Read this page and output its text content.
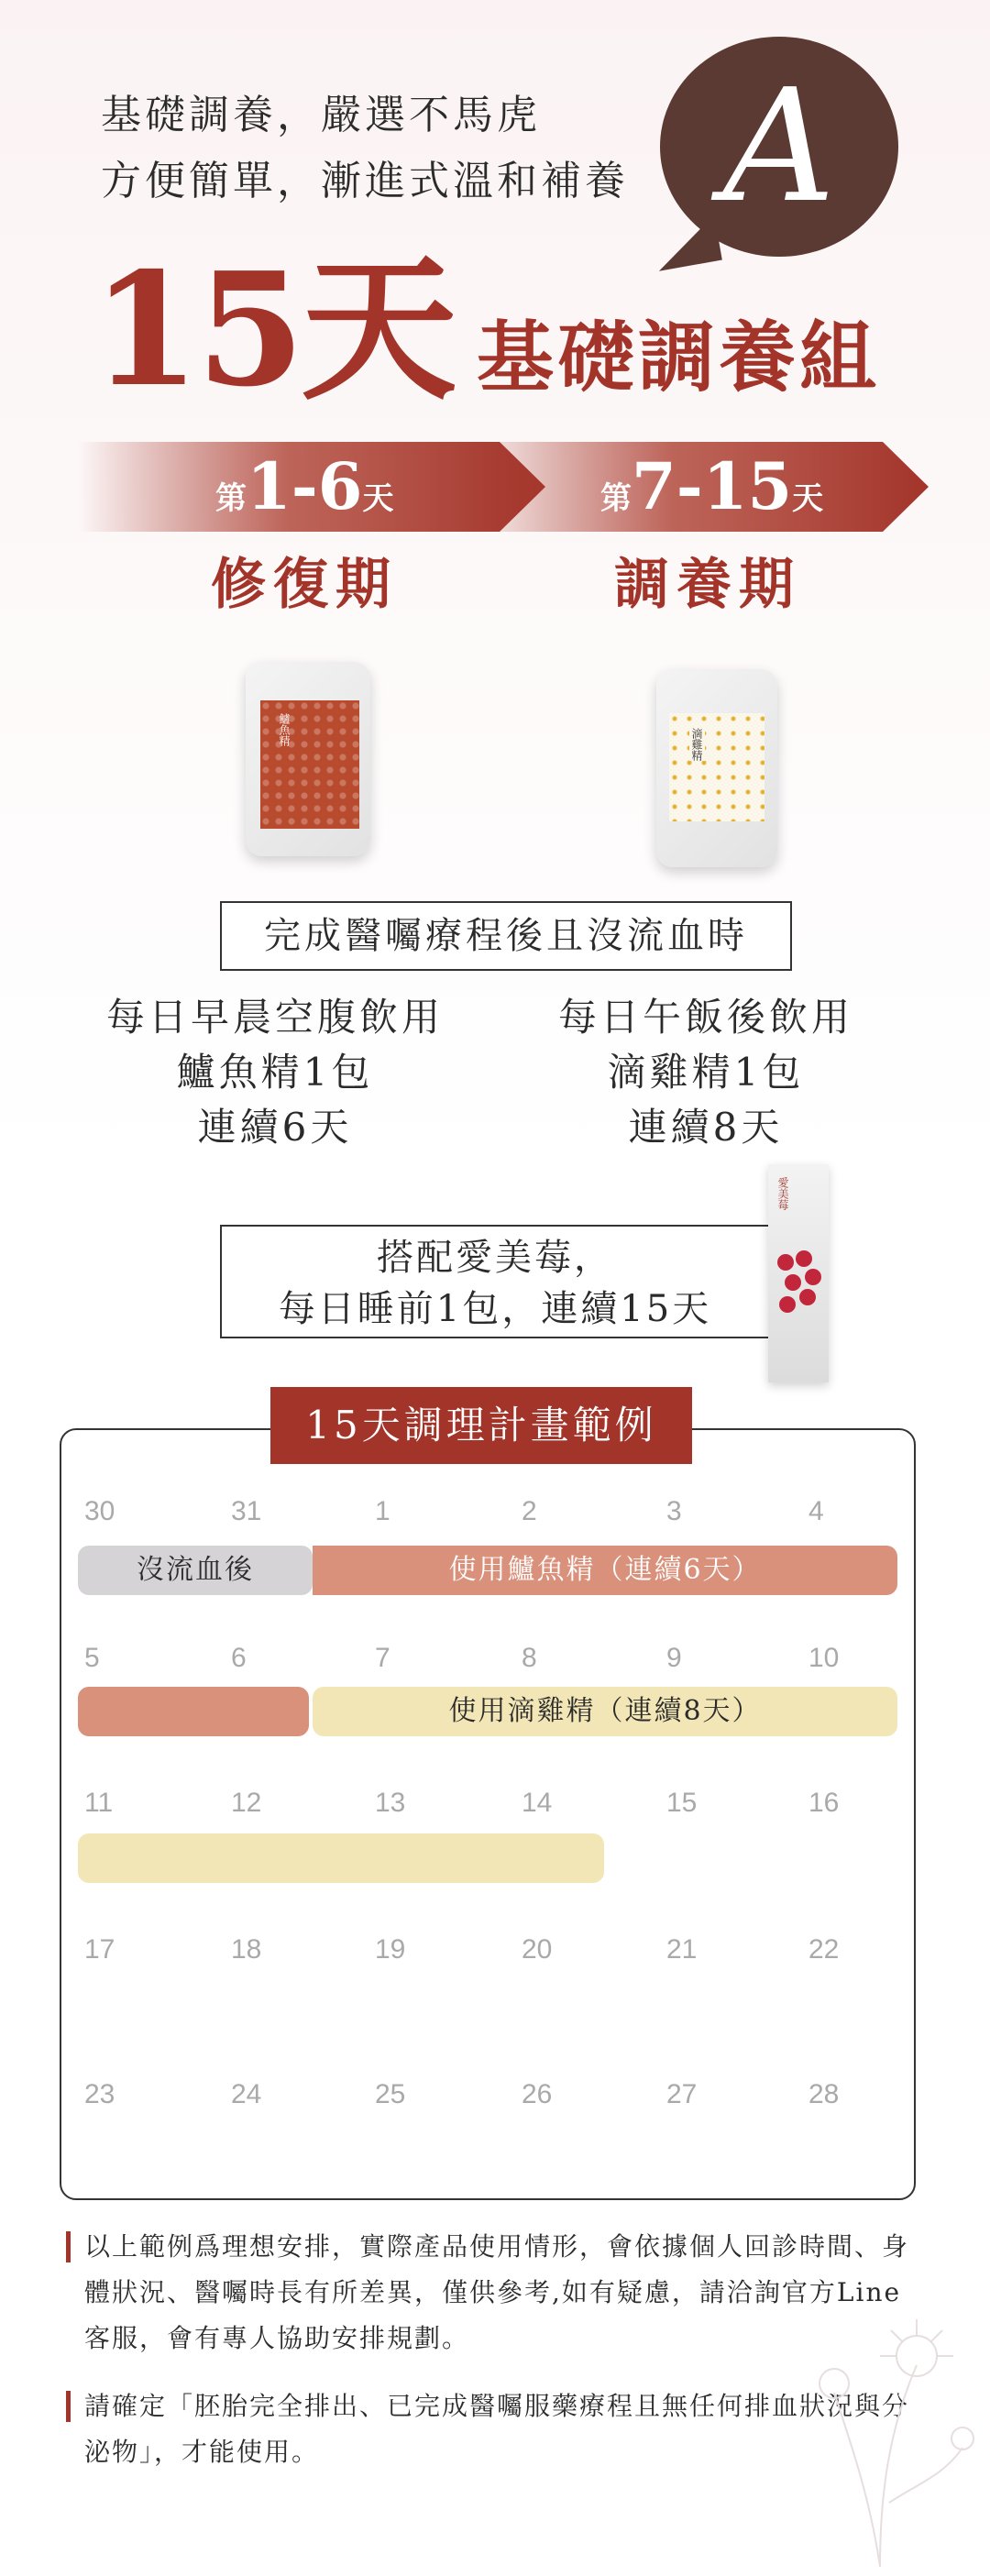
基礎調養，嚴選不馬虎
方便簡單，漸進式溫和補養 A
15天 基礎調養組
第1-6天	第7-15天
修復期	調養期
鱸魚精	滴雞精
完成醫囑療程後且沒流血時
每日早晨空腹飲用
鱸魚精1包
連續6天
每日午飯後飲用
滴雞精1包
連續8天
搭配愛美莓，
每日睡前1包，連續15天
愛美莓
30	31	1	2	3	4
沒流血後	使用鱸魚精（連續6天）
5	6	7	8	9	10
使用滴雞精（連續8天）
11	12	13	14	15	16
17	18	19	20	21	22
23	24	25	26	27	28
15天調理計畫範例
以上範例爲理想安排，實際產品使用情形，會依據個人回診時間、身體狀況、醫囑時長有所差異，僅供參考,如有疑慮，請洽詢官方Line客服，會有專人協助安排規劃。
請確定「胚胎完全排出、已完成醫囑服藥療程且無任何排血狀況與分泌物」，才能使用。
